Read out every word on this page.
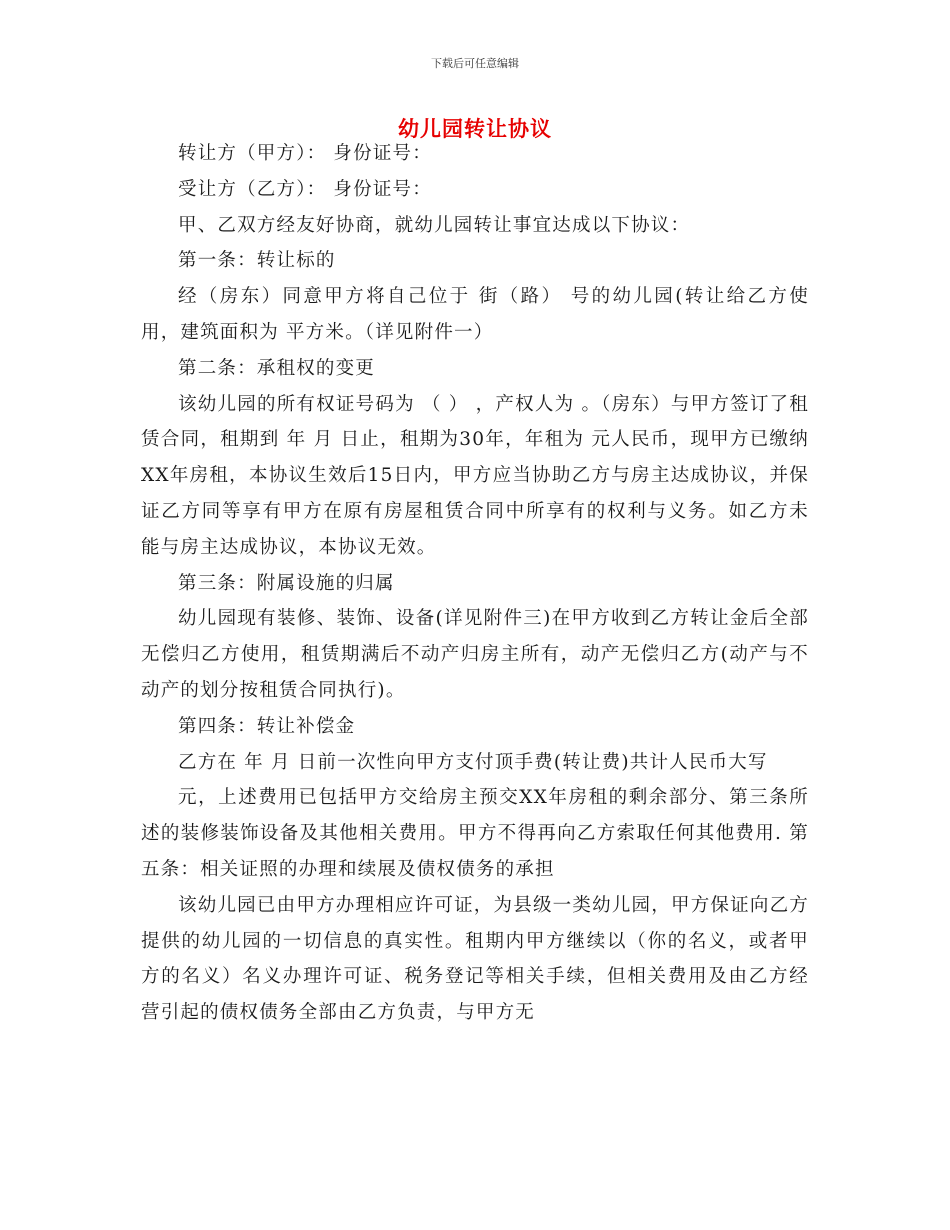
下载后可任意编辑
幼儿园转让协议

转让方（甲方）： 身份证号：

受让方（乙方）： 身份证号：

甲、乙双方经友好协商，就幼儿园转让事宜达成以下协议：

第一条：转让标的

经（房东）同意甲方将自己位于 街（路） 号的幼儿园(转让给乙方使用，建筑面积为 平方米。（详见附件一）

第二条：承租权的变更

该幼儿园的所有权证号码为 （ ） ，产权人为 。（房东）与甲方签订了租赁合同，租期到 年 月 日止，租期为30年，年租为 元人民币，现甲方已缴纳XX年房租，本协议生效后15日内，甲方应当协助乙方与房主达成协议，并保证乙方同等享有甲方在原有房屋租赁合同中所享有的权利与义务。如乙方未能与房主达成协议，本协议无效。

第三条：附属设施的归属

幼儿园现有装修、装饰、设备(详见附件三)在甲方收到乙方转让金后全部无偿归乙方使用，租赁期满后不动产归房主所有，动产无偿归乙方(动产与不动产的划分按租赁合同执行)。

第四条：转让补偿金

乙方在 年 月 日前一次性向甲方支付顶手费(转让费)共计人民币大写

元，上述费用已包括甲方交给房主预交XX年房租的剩余部分、第三条所述的装修装饰设备及其他相关费用。甲方不得再向乙方索取任何其他费用. 第五条：相关证照的办理和续展及债权债务的承担

该幼儿园已由甲方办理相应许可证，为县级一类幼儿园，甲方保证向乙方提供的幼儿园的一切信息的真实性。租期内甲方继续以（你的名义，或者甲方的名义）名义办理许可证、税务登记等相关手续，但相关费用及由乙方经营引起的债权债务全部由乙方负责，与甲方无
